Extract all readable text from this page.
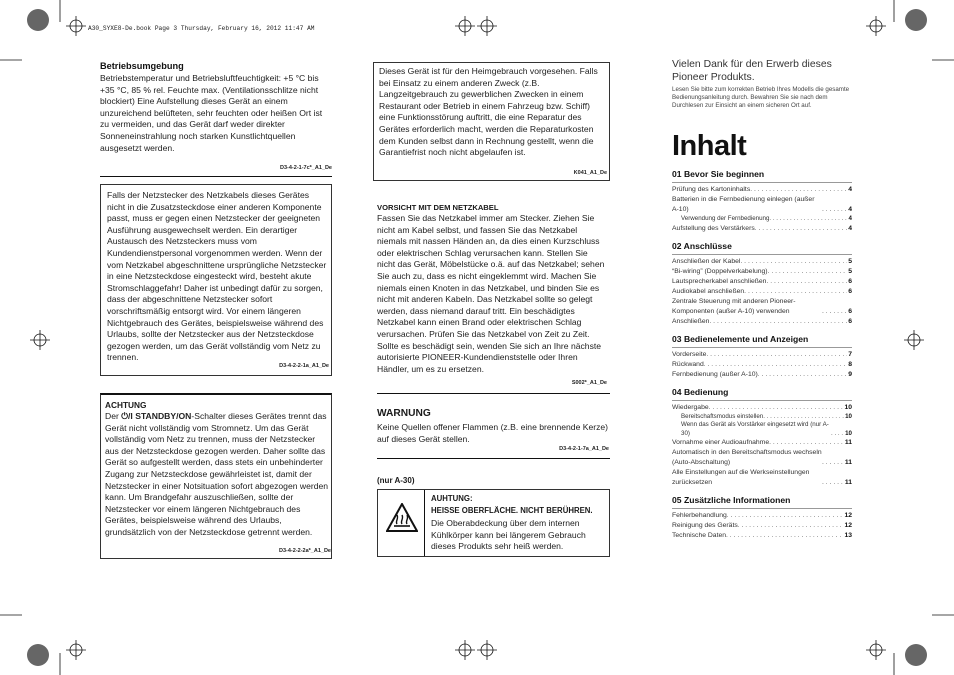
A30_SYXE8-De.book Page 3 Thursday, February 16, 2012 11:47 AM
Betriebsumgebung
Betriebstemperatur und Betriebsluftfeuchtigkeit: +5 °C bis +35 °C, 85 % rel. Feuchte max. (Ventilationsschlitze nicht blockiert) Eine Aufstellung dieses Gerät an einem unzureichend belüfteten, sehr feuchten oder heißen Ort ist zu vermeiden, und das Gerät darf weder direkter Sonneneinstrahlung noch starken Kunstlichtquellen ausgesetzt werden.
D3-4-2-1-7c*_A1_De
Falls der Netzstecker des Netzkabels dieses Gerätes nicht in die Zusatzsteckdose einer anderen Komponente passt, muss er gegen einen Netzstecker der geeigneten Ausführung ausgewechselt werden. Ein derartiger Austausch des Netzsteckers muss vom Kundendienstpersonal vorgenommen werden. Wenn der vom Netzkabel abgeschnittene ursprüngliche Netzstecker in eine Netzsteckdose eingesteckt wird, besteht akute Stromschlaggefahr! Daher ist unbedingt dafür zu sorgen, dass der abgeschnittene Netzstecker sofort vorschriftsmäßig entsorgt wird. Vor einem längeren Nichtgebrauch des Gerätes, beispielsweise während des Urlaubs, sollte der Netzstecker aus der Netzsteckdose gezogen werden, um das Gerät vollständig vom Netz zu trennen.
D3-4-2-2-1a_A1_De
ACHTUNG
Der ⏻/I STANDBY/ON-Schalter dieses Gerätes trennt das Gerät nicht vollständig vom Stromnetz. Um das Gerät vollständig vom Netz zu trennen, muss der Netzstecker aus der Netzsteckdose gezogen werden. Daher sollte das Gerät so aufgestellt werden, dass stets ein unbehinderter Zugang zur Netzsteckdose gewährleistet ist, damit der Netzstecker in einer Notsituation sofort abgezogen werden kann. Um Brandgefahr auszuschließen, sollte der Netzstecker vor einem längeren Nichtgebrauch des Gerätes, beispielsweise während des Urlaubs, grundsätzlich von der Netzsteckdose getrennt werden.
D3-4-2-2-2a*_A1_De
Dieses Gerät ist für den Heimgebrauch vorgesehen. Falls bei Einsatz zu einem anderen Zweck (z.B. Langzeitgebrauch zu gewerblichen Zwecken in einem Restaurant oder Betrieb in einem Fahrzeug bzw. Schiff) eine Funktionsstörung auftritt, die eine Reparatur des Gerätes erforderlich macht, werden die Reparaturkosten dem Kunden selbst dann in Rechnung gestellt, wenn die Garantiefrist noch nicht abgelaufen ist.
K041_A1_De
VORSICHT MIT DEM NETZKABEL
Fassen Sie das Netzkabel immer am Stecker. Ziehen Sie nicht am Kabel selbst, und fassen Sie das Netzkabel niemals mit nassen Händen an, da dies einen Kurzschluss oder elektrischen Schlag verursachen kann. Stellen Sie nicht das Gerät, Möbelstücke o.ä. auf das Netzkabel; sehen Sie auch zu, dass es nicht eingeklemmt wird. Machen Sie niemals einen Knoten in das Netzkabel, und binden Sie es nicht mit anderen Kabeln. Das Netzkabel sollte so gelegt werden, dass niemand darauf tritt. Ein beschädigtes Netzkabel kann einen Brand oder elektrischen Schlag verursachen. Prüfen Sie das Netzkabel von Zeit zu Zeit. Sollte es beschädigt sein, wenden Sie sich an Ihre nächste autorisierte PIONEER-Kundendienststelle oder Ihren Händler, um es zu ersetzen.
S002*_A1_De
WARNUNG
Keine Quellen offener Flammen (z.B. eine brennende Kerze) auf dieses Gerät stellen.
D3-4-2-1-7a_A1_De
(nur A-30)
AUHTUNG:
HEISSE OBERFLÄCHE. NICHT BERÜHREN.
Die Oberabdeckung über dem internen Kühlkörper kann bei längerem Gebrauch dieses Produkts sehr heiß werden.
Vielen Dank für den Erwerb dieses Pioneer Produkts.
Lesen Sie bitte zum korrekten Betrieb Ihres Modells die gesamte Bedienungsanleitung durch. Bewahren Sie sie nach dem Durchlesen zur Einsicht an einem sicheren Ort auf.
Inhalt
01 Bevor Sie beginnen
Prüfung des Kartoninhalts . . .	4
Batterien in die Fernbedienung einlegen (außer A-10) . . .	4
Verwendung der Fernbedienung . . .	4
Aufstellung des Verstärkers . . .	4
02 Anschlüsse
Anschließen der Kabel . . .	5
“Bi-wiring” (Doppelverkabelung) . . .	5
Lautsprecherkabel anschließen . . .	6
Audiokabel anschließen . . .	6
Zentrale Steuerung mit anderen Pioneer-Komponenten (außer A-10) verwenden . . .	6
Anschließen . . .	6
03 Bedienelemente und Anzeigen
Vorderseite . . .	7
Rückwand . . .	8
Fernbedienung (außer A-10) . . .	9
04 Bedienung
Wiedergabe . . .	10
Bereitschaftsmodus einstellen . . .	10
Wenn das Gerät als Vorstärker eingesetzt wird (nur A-30) . . .	10
Vornahme einer Audioaufnahme . . .	11
Automatisch in den Bereitschaftsmodus wechseln (Auto-Abschaltung) . . .	11
Alle Einstellungen auf die Werkseinstellungen zurücksetzen . . .	11
05 Zusätzliche Informationen
Fehlerbehandlung . . .	12
Reinigung des Geräts . . .	12
Technische Daten . . .	13
